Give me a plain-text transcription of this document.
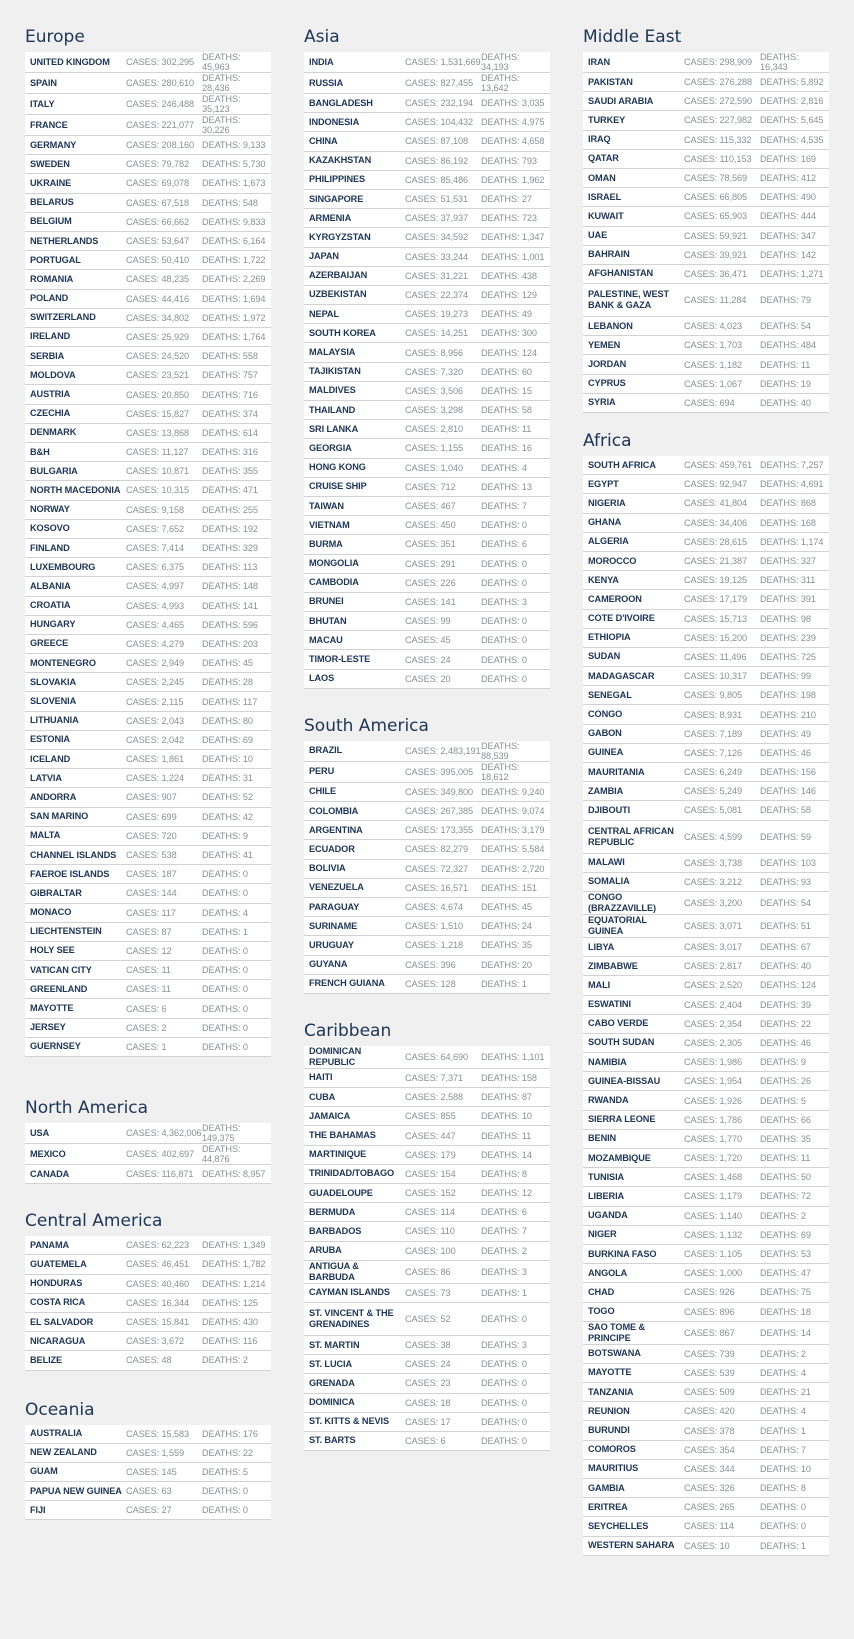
Europe
UNITED KINGDOM	CASES: 302,295 DEATHS: 45,963
SPAIN	CASES: 280,610 DEATHS: 28,436
ITALY	CASES: 246,488 DEATHS: 35,123
FRANCE	CASES: 221,077 DEATHS: 30,226
GERMANY	CASES: 208,160 DEATHS: 9,133
SWEDEN	CASES: 79,782	DEATHS: 5,730
UKRAINE	CASES: 69,078	DEATHS: 1,673
BELARUS	CASES: 67,518	DEATHS: 548
BELGIUM	CASES: 66,662	DEATHS: 9,833
NETHERLANDS	CASES: 53,647	DEATHS: 6,164
PORTUGAL	CASES: 50,410	DEATHS: 1,722
ROMANIA	CASES: 48,235	DEATHS: 2,269
POLAND	CASES: 44,416	DEATHS: 1,694
SWITZERLAND	CASES: 34,802	DEATHS: 1,972
IRELAND	CASES: 25,929	DEATHS: 1,764
SERBIA	CASES: 24,520	DEATHS: 558
MOLDOVA	CASES: 23,521	DEATHS: 757
AUSTRIA	CASES: 20,850	DEATHS: 716
CZECHIA	CASES: 15,827	DEATHS: 374
DENMARK	CASES: 13,868	DEATHS: 614
B&H	CASES: 11,127	DEATHS: 316
BULGARIA	CASES: 10,871	DEATHS: 355
NORTH MACEDONIA CASES: 10,315	DEATHS: 471
NORWAY	CASES: 9,158	DEATHS: 255
KOSOVO	CASES: 7,652	DEATHS: 192
FINLAND	CASES: 7,414	DEATHS: 329
LUXEMBOURG	CASES: 6,375	DEATHS: 113
ALBANIA	CASES: 4,997	DEATHS: 148
CROATIA	CASES: 4,993	DEATHS: 141
HUNGARY	CASES: 4,465	DEATHS: 596
GREECE	CASES: 4,279	DEATHS: 203
MONTENEGRO	CASES: 2,949	DEATHS: 45
SLOVAKIA	CASES: 2,245	DEATHS: 28
SLOVENIA	CASES: 2,115	DEATHS: 117
LITHUANIA	CASES: 2,043	DEATHS: 80
ESTONIA	CASES: 2,042	DEATHS: 69
ICELAND	CASES: 1,861	DEATHS: 10
LATVIA	CASES: 1,224	DEATHS: 31
ANDORRA	CASES: 907	DEATHS: 52
SAN MARINO	CASES: 699	DEATHS: 42
MALTA	CASES: 720	DEATHS: 9
CHANNEL ISLANDS	CASES: 538	DEATHS: 41
FAEROE ISLANDS	CASES: 187	DEATHS: 0
GIBRALTAR	CASES: 144	DEATHS: 0
MONACO	CASES: 117	DEATHS: 4
LIECHTENSTEIN	CASES: 87	DEATHS: 1
HOLY SEE	CASES: 12	DEATHS: 0
VATICAN CITY	CASES: 11	DEATHS: 0
GREENLAND	CASES: 11	DEATHS: 0
MAYOTTE	CASES: 6	DEATHS: 0
JERSEY	CASES: 2	DEATHS: 0
GUERNSEY	CASES: 1	DEATHS: 0
North America
USA	CASES: 4,362,006 DEATHS: 149,375
MEXICO	CASES: 402,697 DEATHS: 44,876
CANADA	CASES: 116,871 DEATHS: 8,957
Central America
PANAMA	CASES: 62,223	DEATHS: 1,349
GUATEMELA	CASES: 46,451	DEATHS: 1,782
HONDURAS	CASES: 40,460	DEATHS: 1,214
COSTA RICA	CASES: 16,344	DEATHS: 125
EL SALVADOR	CASES: 15,841	DEATHS: 430
NICARAGUA	CASES: 3,672	DEATHS: 116
BELIZE	CASES: 48	DEATHS: 2
Oceania
AUSTRALIA	CASES: 15,583	DEATHS: 176
NEW ZEALAND	CASES: 1,559	DEATHS: 22
GUAM	CASES: 145	DEATHS: 5
PAPUA NEW GUINEA CASES: 63	DEATHS: 0
FIJI	CASES: 27	DEATHS: 0
Asia
INDIA	CASES: 1,531,669 DEATHS: 34,193
RUSSIA	CASES: 827,455 DEATHS: 13,642
BANGLADESH	CASES: 232,194 DEATHS: 3,035
INDONESIA	CASES: 104,432 DEATHS: 4,975
CHINA	CASES: 87,108	DEATHS: 4,658
KAZAKHSTAN	CASES: 86,192	DEATHS: 793
PHILIPPINES	CASES: 85,486	DEATHS: 1,962
SINGAPORE	CASES: 51,531	DEATHS: 27
ARMENIA	CASES: 37,937	DEATHS: 723
KYRGYZSTAN	CASES: 34,592	DEATHS: 1,347
JAPAN	CASES: 33,244	DEATHS: 1,001
AZERBAIJAN	CASES: 31,221	DEATHS: 438
UZBEKISTAN	CASES: 22,374	DEATHS: 129
NEPAL	CASES: 19,273	DEATHS: 49
SOUTH KOREA	CASES: 14,251	DEATHS: 300
MALAYSIA	CASES: 8,956	DEATHS: 124
TAJIKISTAN	CASES: 7,320	DEATHS: 60
MALDIVES	CASES: 3,506	DEATHS: 15
THAILAND	CASES: 3,298	DEATHS: 58
SRI LANKA	CASES: 2,810	DEATHS: 11
GEORGIA	CASES: 1,155	DEATHS: 16
HONG KONG	CASES: 1,040	DEATHS: 4
CRUISE SHIP	CASES: 712	DEATHS: 13
TAIWAN	CASES: 467	DEATHS: 7
VIETNAM	CASES: 450	DEATHS: 0
BURMA	CASES: 351	DEATHS: 6
MONGOLIA	CASES: 291	DEATHS: 0
CAMBODIA	CASES: 226	DEATHS: 0
BRUNEI	CASES: 141	DEATHS: 3
BHUTAN	CASES: 99	DEATHS: 0
MACAU	CASES: 45	DEATHS: 0
TIMOR-LESTE	CASES: 24	DEATHS: 0
LAOS	CASES: 20	DEATHS: 0
South America
BRAZIL	CASES: 2,483,191 DEATHS: 88,539
PERU	CASES: 395,005 DEATHS: 18,612
CHILE	CASES: 349,800 DEATHS: 9,240
COLOMBIA	CASES: 267,385 DEATHS: 9,074
ARGENTINA	CASES: 173,355 DEATHS: 3,179
ECUADOR	CASES: 82,279	DEATHS: 5,584
BOLIVIA	CASES: 72,327	DEATHS: 2,720
VENEZUELA	CASES: 16,571	DEATHS: 151
PARAGUAY	CASES: 4,674	DEATHS: 45
SURINAME	CASES: 1,510	DEATHS: 24
URUGUAY	CASES: 1,218	DEATHS: 35
GUYANA	CASES: 396	DEATHS: 20
FRENCH GUIANA	CASES: 128	DEATHS: 1
Caribbean
DOMINICAN REPUBLIC	CASES: 64,690	DEATHS: 1,101
HAITI	CASES: 7,371	DEATHS: 158
CUBA	CASES: 2,588	DEATHS: 87
JAMAICA	CASES: 855	DEATHS: 10
THE BAHAMAS	CASES: 447	DEATHS: 11
MARTINIQUE	CASES: 179	DEATHS: 14
TRINIDAD/TOBAGO	CASES: 154	DEATHS: 8
GUADELOUPE	CASES: 152	DEATHS: 12
BERMUDA	CASES: 114	DEATHS: 6
BARBADOS	CASES: 110	DEATHS: 7
ARUBA	CASES: 100	DEATHS: 2
ANTIGUA & BARBUDA	CASES: 86	DEATHS: 3
CAYMAN ISLANDS	CASES: 73	DEATHS: 1
ST. VINCENT & THE GRENADINES	CASES: 52	DEATHS: 0
ST. MARTIN	CASES: 38	DEATHS: 3
ST. LUCIA	CASES: 24	DEATHS: 0
GRENADA	CASES: 23	DEATHS: 0
DOMINICA	CASES: 18	DEATHS: 0
ST. KITTS & NEVIS	CASES: 17	DEATHS: 0
ST. BARTS	CASES: 6	DEATHS: 0
Middle East
IRAN	CASES: 298,909 DEATHS: 16,343
PAKISTAN	CASES: 276,288 DEATHS: 5,892
SAUDI ARABIA	CASES: 272,590 DEATHS: 2,816
TURKEY	CASES: 227,982 DEATHS: 5,645
IRAQ	CASES: 115,332 DEATHS: 4,535
QATAR	CASES: 110,153 DEATHS: 169
OMAN	CASES: 78,569	DEATHS: 412
ISRAEL	CASES: 66,805	DEATHS: 490
KUWAIT	CASES: 65,903	DEATHS: 444
UAE	CASES: 59,921	DEATHS: 347
BAHRAIN	CASES: 39,921	DEATHS: 142
AFGHANISTAN	CASES: 36,471	DEATHS: 1,271
PALESTINE, WEST BANK & GAZA	CASES: 11,284	DEATHS: 79
LEBANON	CASES: 4,023	DEATHS: 54
YEMEN	CASES: 1,703	DEATHS: 484
JORDAN	CASES: 1,182	DEATHS: 11
CYPRUS	CASES: 1,067	DEATHS: 19
SYRIA	CASES: 694	DEATHS: 40
Africa
SOUTH AFRICA	CASES: 459,761 DEATHS: 7,257
EGYPT	CASES: 92,947	DEATHS: 4,691
NIGERIA	CASES: 41,804	DEATHS: 868
GHANA	CASES: 34,406	DEATHS: 168
ALGERIA	CASES: 28,615	DEATHS: 1,174
MOROCCO	CASES: 21,387	DEATHS: 327
KENYA	CASES: 19,125	DEATHS: 311
CAMEROON	CASES: 17,179	DEATHS: 391
COTE D'IVOIRE	CASES: 15,713	DEATHS: 98
ETHIOPIA	CASES: 15,200	DEATHS: 239
SUDAN	CASES: 11,496	DEATHS: 725
MADAGASCAR	CASES: 10,317	DEATHS: 99
SENEGAL	CASES: 9,805	DEATHS: 198
CONGO	CASES: 8,931	DEATHS: 210
GABON	CASES: 7,189	DEATHS: 49
GUINEA	CASES: 7,126	DEATHS: 46
MAURITANIA	CASES: 6,249	DEATHS: 156
ZAMBIA	CASES: 5,249	DEATHS: 146
DJIBOUTI	CASES: 5,081	DEATHS: 58
CENTRAL AFRICAN REPUBLIC	CASES: 4,599	DEATHS: 59
MALAWI	CASES: 3,738	DEATHS: 103
SOMALIA	CASES: 3,212	DEATHS: 93
CONGO (BRAZZAVILLE)	CASES: 3,200	DEATHS: 54
EQUATORIAL GUINEA	CASES: 3,071	DEATHS: 51
LIBYA	CASES: 3,017	DEATHS: 67
ZIMBABWE	CASES: 2,817	DEATHS: 40
MALI	CASES: 2,520	DEATHS: 124
ESWATINI	CASES: 2,404	DEATHS: 39
CABO VERDE	CASES: 2,354	DEATHS: 22
SOUTH SUDAN	CASES: 2,305	DEATHS: 46
NAMIBIA	CASES: 1,986	DEATHS: 9
GUINEA-BISSAU	CASES: 1,954	DEATHS: 26
RWANDA	CASES: 1,926	DEATHS: 5
SIERRA LEONE	CASES: 1,786	DEATHS: 66
BENIN	CASES: 1,770	DEATHS: 35
MOZAMBIQUE	CASES: 1,720	DEATHS: 11
TUNISIA	CASES: 1,468	DEATHS: 50
LIBERIA	CASES: 1,179	DEATHS: 72
UGANDA	CASES: 1,140	DEATHS: 2
NIGER	CASES: 1,132	DEATHS: 69
BURKINA FASO	CASES: 1,105	DEATHS: 53
ANGOLA	CASES: 1,000	DEATHS: 47
CHAD	CASES: 926	DEATHS: 75
TOGO	CASES: 896	DEATHS: 18
SAO TOME & PRINCIPE	CASES: 867	DEATHS: 14
BOTSWANA	CASES: 739	DEATHS: 2
MAYOTTE	CASES: 539	DEATHS: 4
TANZANIA	CASES: 509	DEATHS: 21
REUNION	CASES: 420	DEATHS: 4
BURUNDI	CASES: 378	DEATHS: 1
COMOROS	CASES: 354	DEATHS: 7
MAURITIUS	CASES: 344	DEATHS: 10
GAMBIA	CASES: 326	DEATHS: 8
ERITREA	CASES: 265	DEATHS: 0
SEYCHELLES	CASES: 114	DEATHS: 0
WESTERN SAHARA	CASES: 10	DEATHS: 1
